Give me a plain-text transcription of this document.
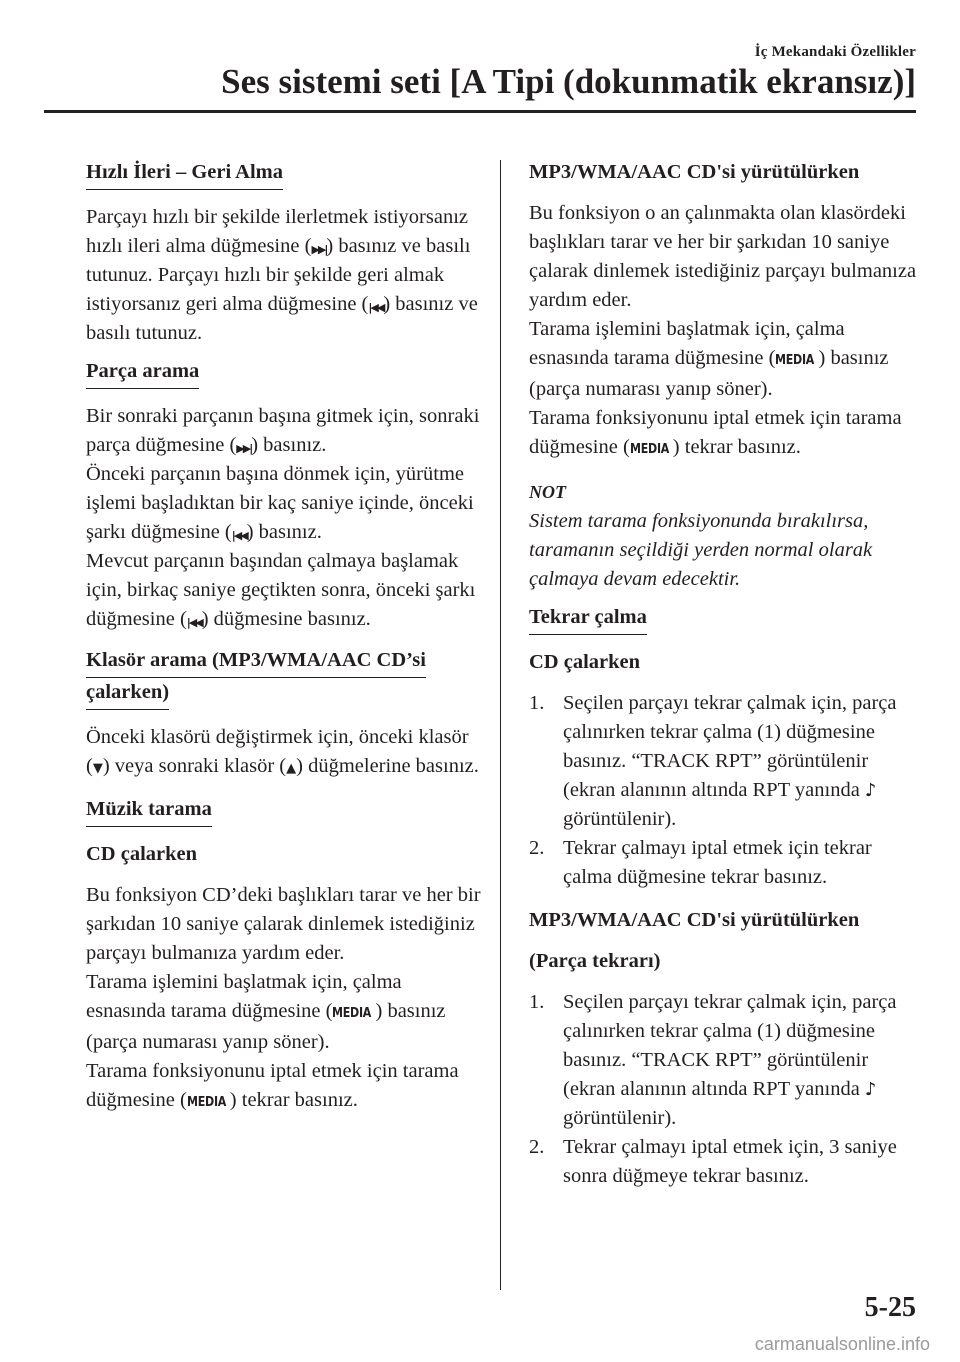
İç Mekandaki Özellikler
Ses sistemi seti [A Tipi (dokunmatik ekransız)]
Hızlı İleri – Geri Alma

Parçayı hızlı bir şekilde ilerletmek istiyorsanız hızlı ileri alma düğmesine (▶▶|) basınız ve basılı tutunuz. Parçayı hızlı bir şekilde geri almak istiyorsanız geri alma düğmesine (|◀◀) basınız ve basılı tutunuz.

Parça arama

Bir sonraki parçanın başına gitmek için, sonraki parça düğmesine (▶▶|) basınız.

Önceki parçanın başına dönmek için, yürütme işlemi başladıktan bir kaç saniye içinde, önceki şarkı düğmesine (|◀◀) basınız.

Mevcut parçanın başından çalmaya başlamak için, birkaç saniye geçtikten sonra, önceki şarkı düğmesine (|◀◀) düğmesine basınız.

Klasör arama (MP3/WMA/AAC CD’si
çalarken)

Önceki klasörü değiştirmek için, önceki klasör (▼) veya sonraki klasör (▲) düğmelerine basınız.

Müzik tarama
CD çalarken

Bu fonksiyon CD’deki başlıkları tarar ve her bir şarkıdan 10 saniye çalarak dinlemek istediğiniz parçayı bulmanıza yardım eder.

Tarama işlemini başlatmak için, çalma esnasında tarama düğmesine (MEDIA ) basınız (parça numarası yanıp söner).

Tarama fonksiyonunu iptal etmek için tarama düğmesine (MEDIA ) tekrar basınız.

MP3/WMA/AAC CD'si yürütülürken

Bu fonksiyon o an çalınmakta olan klasördeki başlıkları tarar ve her bir şarkıdan 10 saniye çalarak dinlemek istediğiniz parçayı bulmanıza yardım eder.

Tarama işlemini başlatmak için, çalma esnasında tarama düğmesine (MEDIA ) basınız (parça numarası yanıp söner).

Tarama fonksiyonunu iptal etmek için tarama düğmesine (MEDIA ) tekrar basınız.

NOT

Sistem tarama fonksiyonunda bırakılırsa, taramanın seçildiği yerden normal olarak çalmaya devam edecektir.

Tekrar çalma
CD çalarken
1. Seçilen parçayı tekrar çalmak için, parça çalınırken tekrar çalma (1) düğmesine basınız. “TRACK RPT” görüntülenir (ekran alanının altında RPT yanında ♪ görüntülenir).
2. Tekrar çalmayı iptal etmek için tekrar çalma düğmesine tekrar basınız.
MP3/WMA/AAC CD'si yürütülürken
(Parça tekrarı)
1. Seçilen parçayı tekrar çalmak için, parça çalınırken tekrar çalma (1) düğmesine basınız. “TRACK RPT” görüntülenir (ekran alanının altında RPT yanında ♪ görüntülenir).
2. Tekrar çalmayı iptal etmek için, 3 saniye sonra düğmeye tekrar basınız.
5-25
carmanualsonline.info
